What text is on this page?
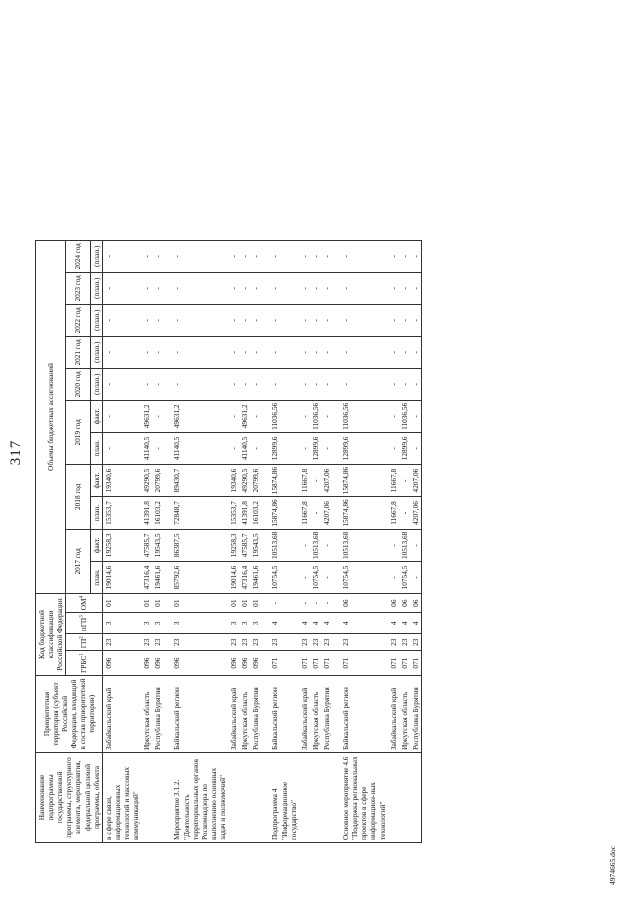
317
Наименование подпрограммы государственной программы, структурного элемента, мероприятия, федеральной целевой программы, объекта	Приоритетная территория (субъект Российской Федерации, входящий в состав приоритетной территории)	Код бюджетной классификации Российской Федерации				Объемы бюджетных ассигнований										
		ГРБС$^1$	$ГП^2$	пГП$^3$	$ОМ^4$	2017 год		2018 год		2019 год		2020 год	2021 год	2022 год	2023 год	2024 год
						план.	факт.	план.	факт.	план.	факт.	(план.)	(план.)	(план.)	(план.)	(план.)
в сфере связи, информационных технологий и массовых коммуникаций"	Забайкальский край	096	23	3	01	19014,6	19258,3	15353,7	19340,6	-	-	-	-	-	-	-
	Иркутская область	096	23	3	01	47316,4	47585,7	41391,8	49290,5	41140,5	49631,2	-	-	-	-	-
	Республика Бурятия	096	23	3	01	19461,6	19543,5	16103,2	20799,6	-	-	-	-	-	-	-

Мероприятие 3.1.2. "Деятельность территориальных органов Роскомнадзора по выполнению основных задач и полномочий"	Байкальский регион	096	23	3	01	85792,6	86387,5	72848,7	89430,7	41140,5	49631,2	-	-	-	-	-
	Забайкальский край	096	23	3	01	19014,6	19258,3	15353,7	19340,6	-	-	-	-	-	-	-
	Иркутская область	096	23	3	01	47316,4	47585,7	41391,8	49290,5	41140,5	49631,2	-	-	-	-	-
	Республика Бурятия	096	23	3	01	19461,6	19543,5	16103,2	20799,6	-	-	-	-	-	-	-

Подпрограмма 4 "Информационное государство"	Байкальский регион	071	23	4	-	10754,5	10513,68	15874,86	15874,86	12899,6	11036,56	-	-	-	-	-
	Забайкальский край	071	23	4	-	-	-	11667,8	11667,8	-	-	-	-	-	-	-
	Иркутская область	071	23	4	-	10754,5	10513,68	-	-	12899,6	11036,56	-	-	-	-	-
	Республика Бурятия	071	23	4	-	-	-	4207,06	4207,06	-	-	-	-	-	-	-

Основное мероприятие 4.6 "Поддержка региональных проектов в сфере информацион-ных технологий"	Байкальский регион	071	23	4	06	10754,5	10513,68	15874,86	15874,86	12899,6	11036,56	-	-	-	-	-
	Забайкальский край	071	23	4	06	-	-	11667,8	11667,8	-	-	-	-	-	-	-
	Иркутская область	071	23	4	06	10754,5	10513,68	-	-	12899,6	11036,56	-	-	-	-	-
	Республика Бурятия	071	23	4	06	-	-	4207,06	4207,06	-	-	-	-	-	-	-
4974665.doc
